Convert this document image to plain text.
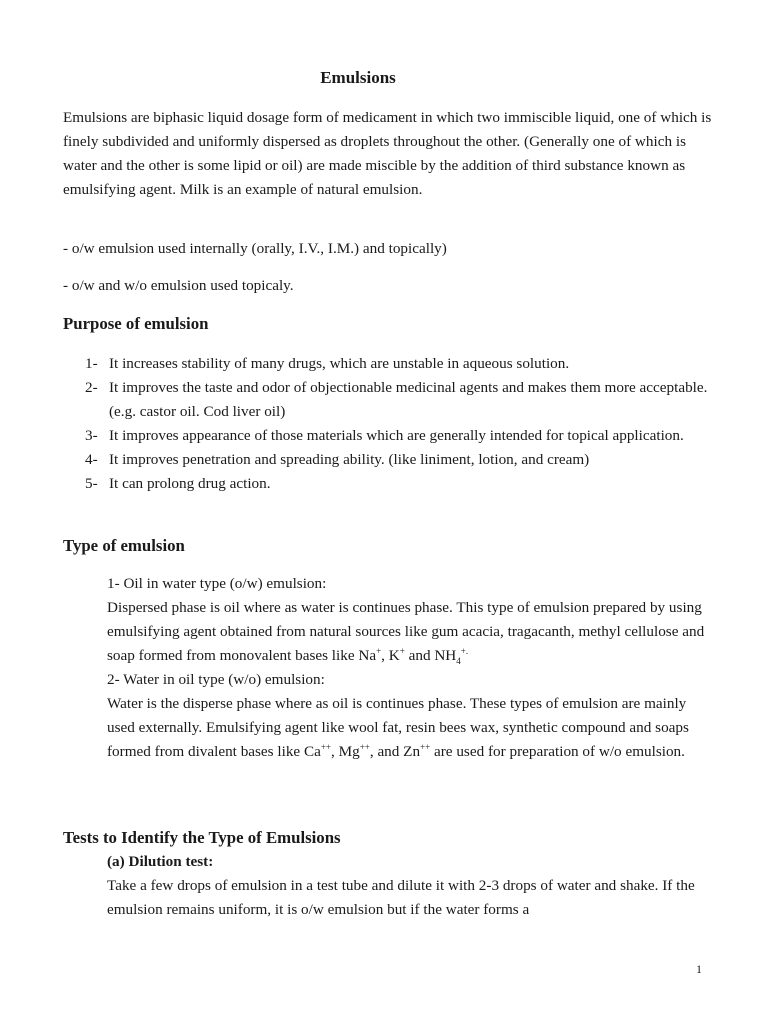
Emulsions
Emulsions are biphasic liquid dosage form of medicament in which two immiscible liquid, one of which is finely subdivided and uniformly dispersed as droplets throughout the other. (Generally one of which is water and the other is some lipid or oil) are made miscible by the addition of third substance known as emulsifying agent. Milk is an example of natural emulsion.
- o/w emulsion used internally (orally, I.V., I.M.) and topically)
- o/w and w/o emulsion used topicaly.
Purpose of emulsion
1- It increases stability of many drugs, which are unstable in aqueous solution.
2- It improves the taste and odor of objectionable medicinal agents and makes them more acceptable. (e.g. castor oil. Cod liver oil)
3- It improves appearance of those materials which are generally intended for topical application.
4- It improves penetration and spreading ability. (like liniment, lotion, and cream)
5- It can prolong drug action.
Type of emulsion
1- Oil in water type (o/w) emulsion:
Dispersed phase is oil where as water is continues phase. This type of emulsion prepared by using emulsifying agent obtained from natural sources like gum acacia, tragacanth, methyl cellulose and soap formed from monovalent bases like Na+, K+ and $NH_4^{+.}$
2- Water in oil type (w/o) emulsion:
Water is the disperse phase where as oil is continues phase. These types of emulsion are mainly used externally. Emulsifying agent like wool fat, resin bees wax, synthetic compound and soaps formed from divalent bases like Ca++, Mg++, and Zn++ are used for preparation of w/o emulsion.
Tests to Identify the Type of Emulsions
(a) Dilution test:
Take a few drops of emulsion in a test tube and dilute it with 2-3 drops of water and shake. If the emulsion remains uniform, it is o/w emulsion but if the water forms a
1
